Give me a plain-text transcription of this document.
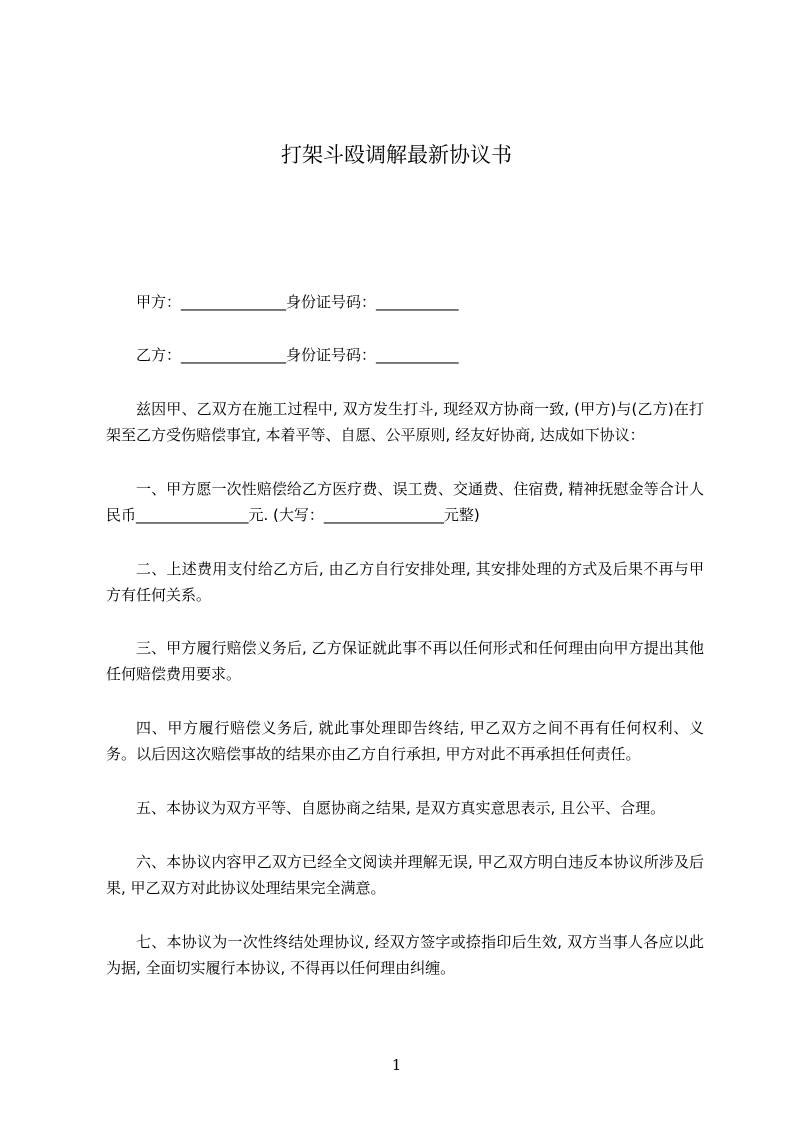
打架斗殴调解最新协议书

甲方：______________身份证号码：___________

乙方：______________身份证号码：___________

兹因甲、乙双方在施工过程中, 双方发生打斗, 现经双方协商一致, (甲方)与(乙方)在打架至乙方受伤赔偿事宜, 本着平等、自愿、公平原则, 经友好协商, 达成如下协议：

一、甲方愿一次性赔偿给乙方医疗费、误工费、交通费、住宿费, 精神抚慰金等合计人民币_______________元. (大写：________________元整)

二、上述费用支付给乙方后, 由乙方自行安排处理, 其安排处理的方式及后果不再与甲方有任何关系。

三、甲方履行赔偿义务后, 乙方保证就此事不再以任何形式和任何理由向甲方提出其他任何赔偿费用要求。

四、甲方履行赔偿义务后, 就此事处理即告终结, 甲乙双方之间不再有任何权利、义务。以后因这次赔偿事故的结果亦由乙方自行承担, 甲方对此不再承担任何责任。

五、本协议为双方平等、自愿协商之结果, 是双方真实意思表示, 且公平、合理。

六、本协议内容甲乙双方已经全文阅读并理解无误, 甲乙双方明白违反本协议所涉及后果, 甲乙双方对此协议处理结果完全满意。

七、本协议为一次性终结处理协议, 经双方签字或捺指印后生效, 双方当事人各应以此为据, 全面切实履行本协议, 不得再以任何理由纠缠。

1
